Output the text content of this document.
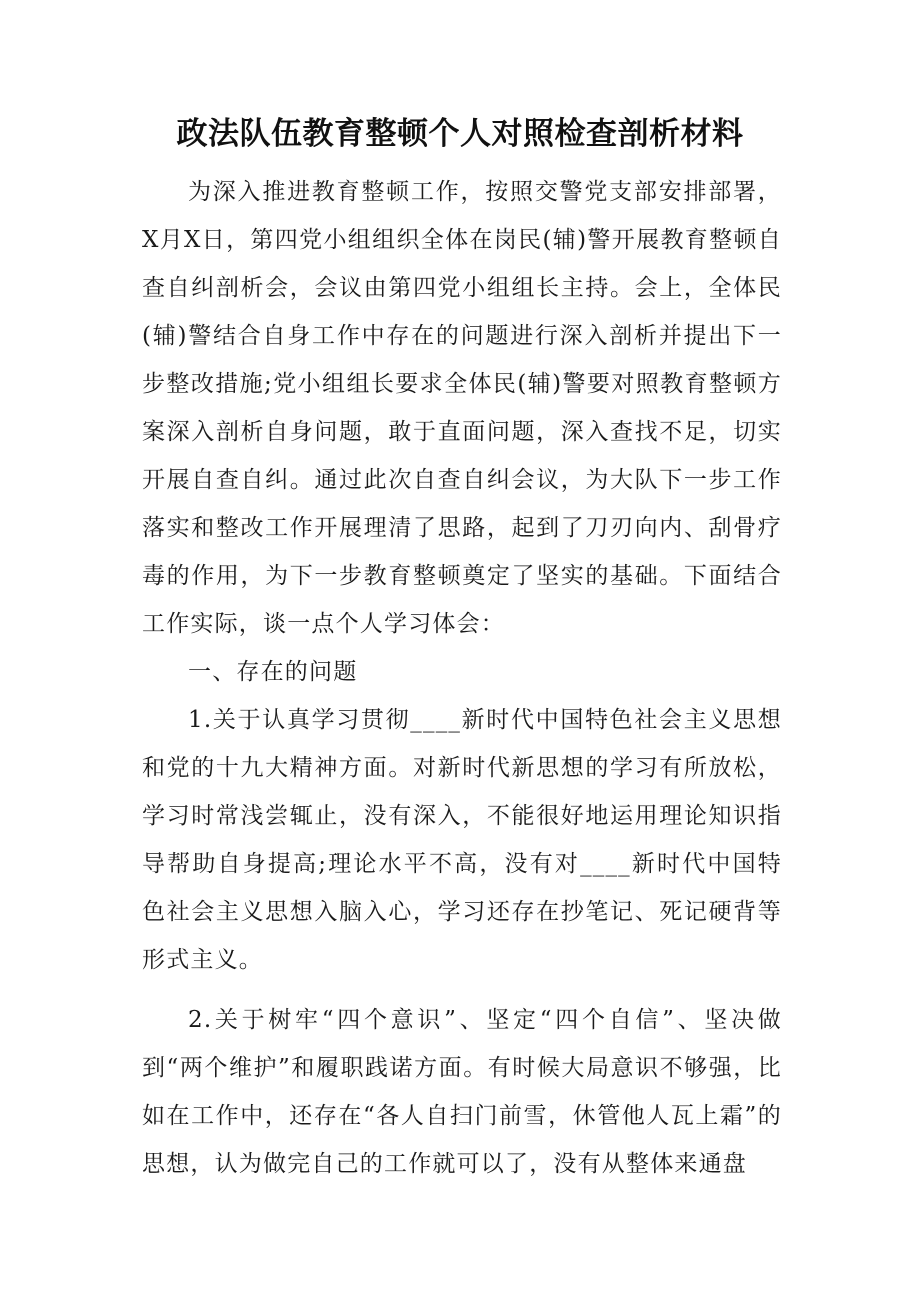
政法队伍教育整顿个人对照检查剖析材料

为深入推进教育整顿工作，按照交警党支部安排部署，X月X日，第四党小组组织全体在岗民(辅)警开展教育整顿自查自纠剖析会，会议由第四党小组组长主持。会上，全体民(辅)警结合自身工作中存在的问题进行深入剖析并提出下一步整改措施;党小组组长要求全体民(辅)警要对照教育整顿方案深入剖析自身问题，敢于直面问题，深入查找不足，切实开展自查自纠。通过此次自查自纠会议，为大队下一步工作落实和整改工作开展理清了思路，起到了刀刃向内、刮骨疗毒的作用，为下一步教育整顿奠定了坚实的基础。下面结合工作实际，谈一点个人学习体会：

一、存在的问题

1.关于认真学习贯彻____新时代中国特色社会主义思想和党的十九大精神方面。对新时代新思想的学习有所放松，学习时常浅尝辄止，没有深入，不能很好地运用理论知识指导帮助自身提高;理论水平不高，没有对____新时代中国特色社会主义思想入脑入心，学习还存在抄笔记、死记硬背等形式主义。

2.关于树牢“四个意识”、坚定“四个自信”、坚决做到“两个维护”和履职践诺方面。有时候大局意识不够强，比如在工作中，还存在“各人自扫门前雪，休管他人瓦上霜”的思想，认为做完自己的工作就可以了，没有从整体来通盘
